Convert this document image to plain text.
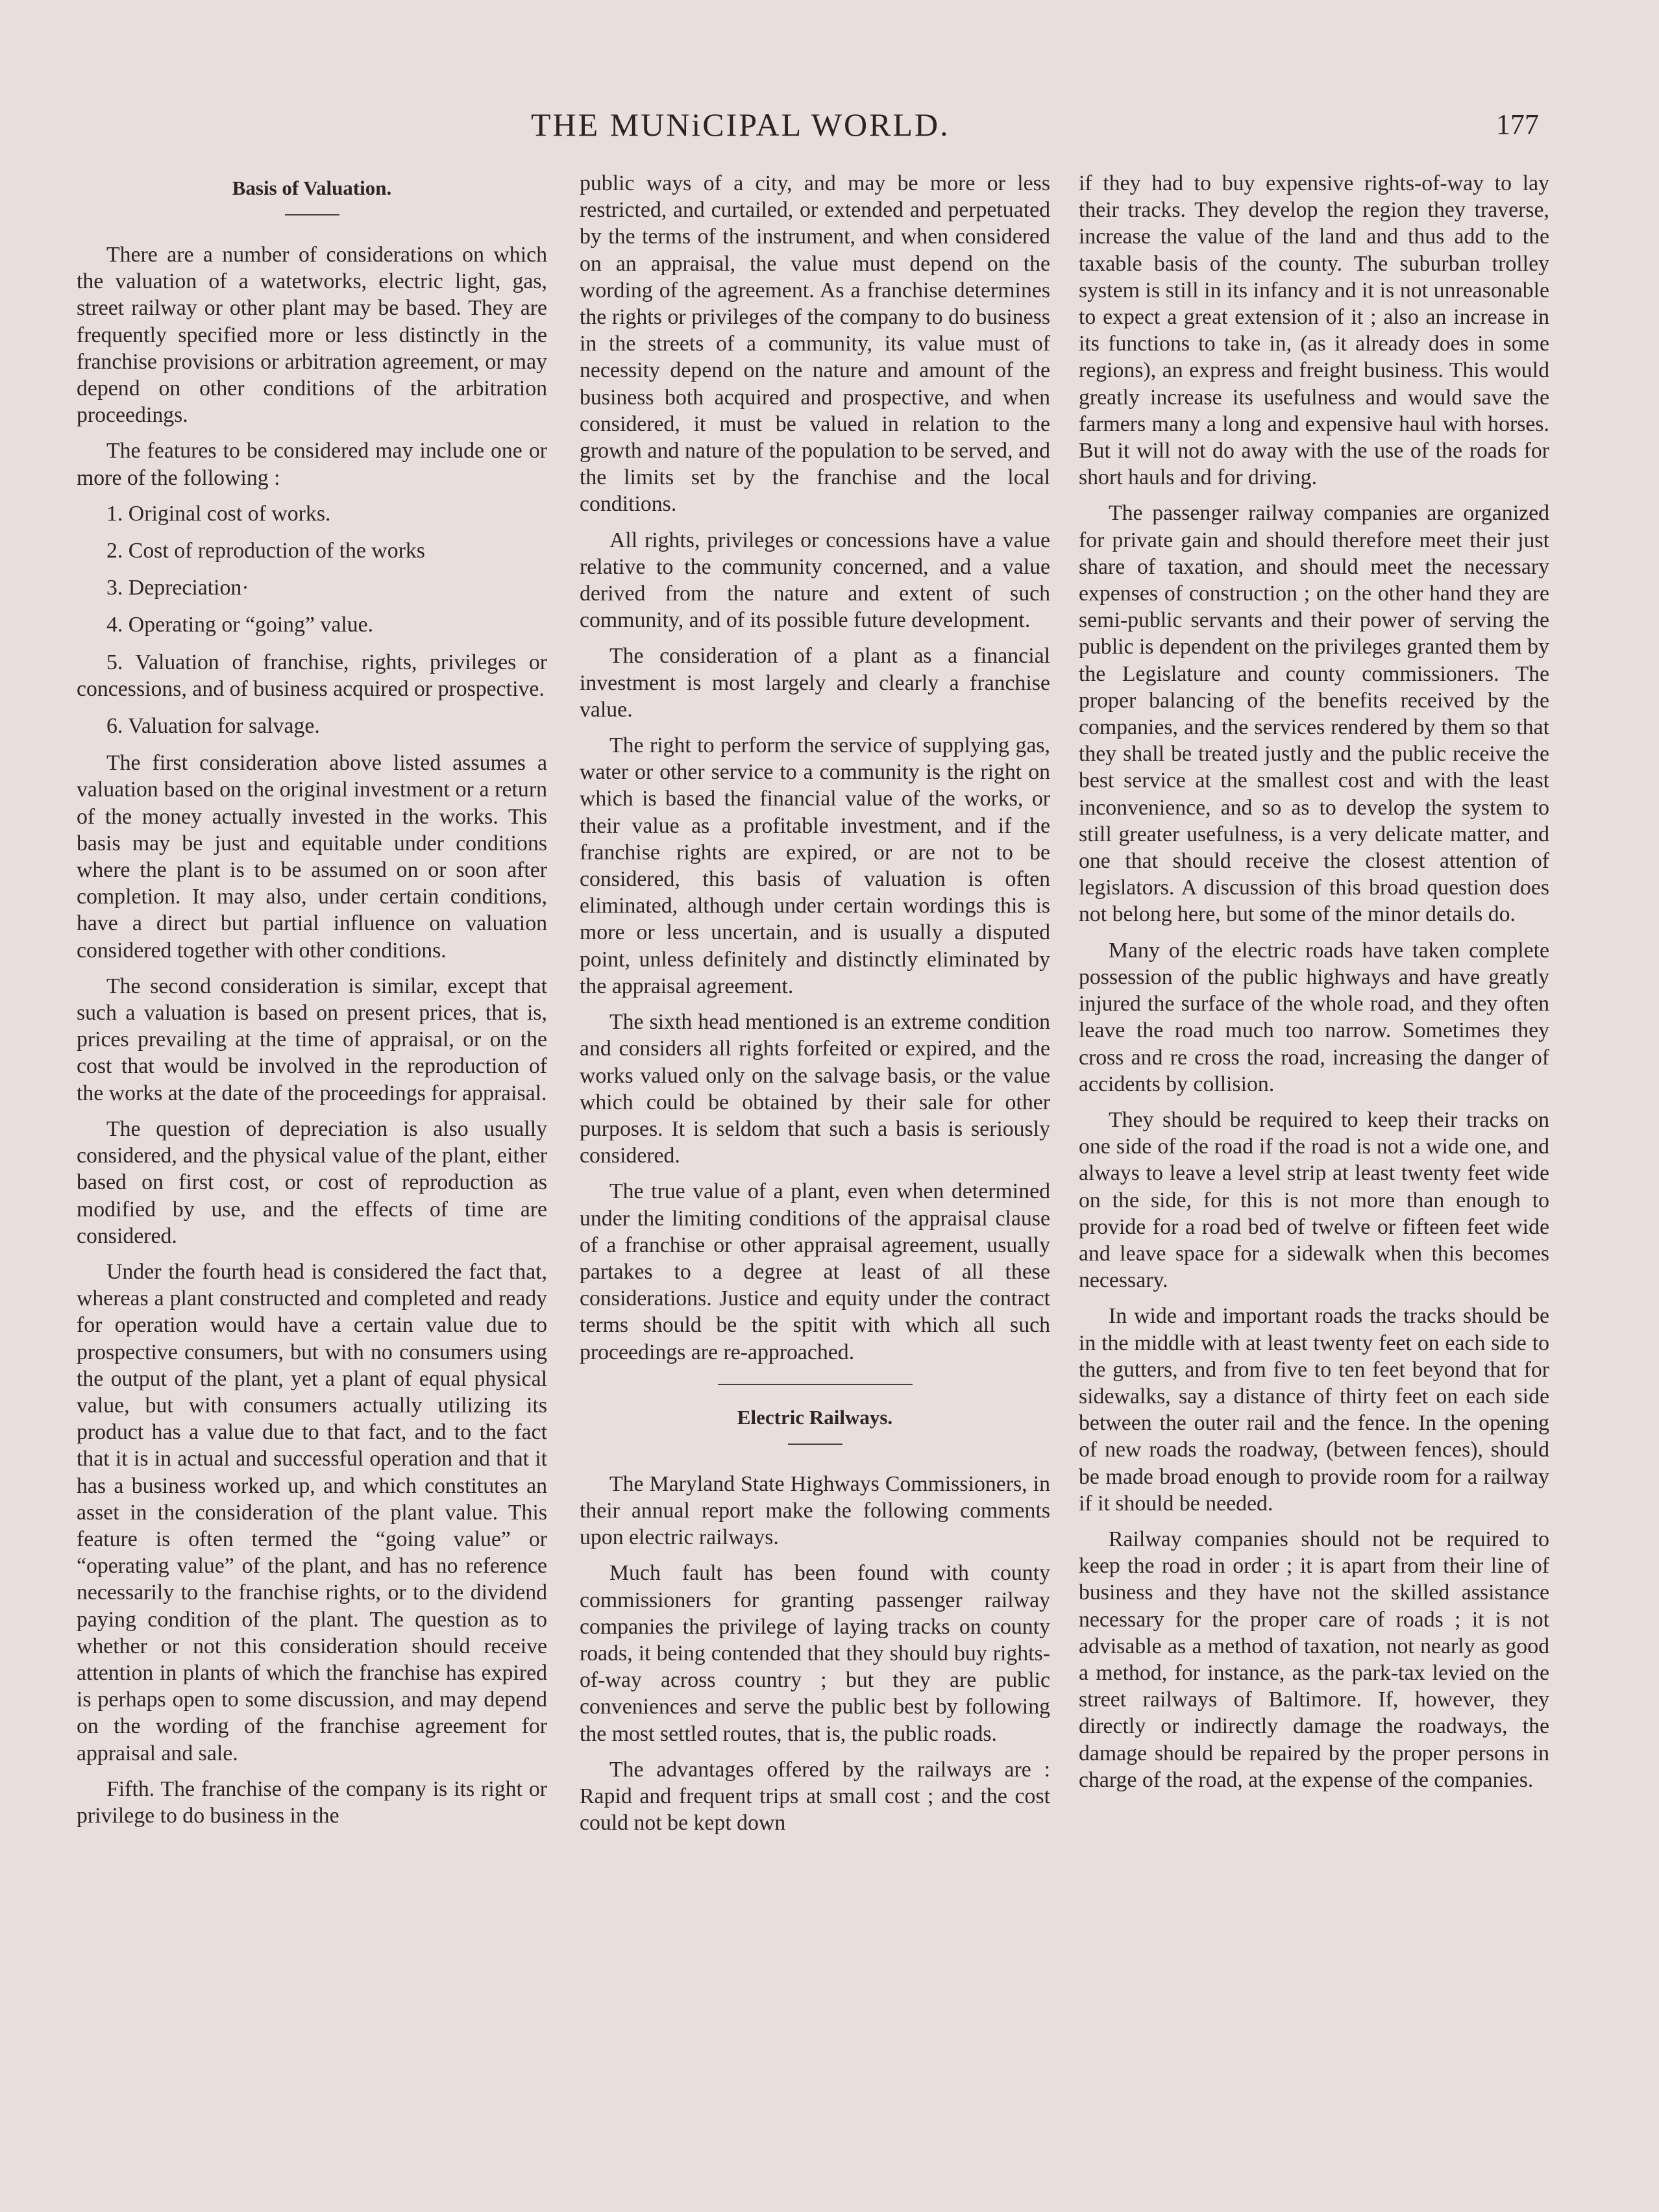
THE MUNiCIPAL WORLD.	177
Basis of Valuation.

There are a number of considerations on which the valuation of a watetworks, electric light, gas, street railway or other plant may be based. They are frequently specified more or less distinctly in the franchise provisions or arbitration agreement, or may depend on other conditions of the arbitration proceedings.

The features to be considered may include one or more of the following :

1. Original cost of works.

2. Cost of reproduction of the works

3. Depreciation·

4. Operating or “going” value.

5. Valuation of franchise, rights, privileges or concessions, and of business acquired or prospective.

6. Valuation for salvage.

The first consideration above listed assumes a valuation based on the original investment or a return of the money actually invested in the works. This basis may be just and equitable under conditions where the plant is to be assumed on or soon after completion. It may also, under certain conditions, have a direct but partial influence on valuation considered together with other conditions.

The second consideration is similar, except that such a valuation is based on present prices, that is, prices prevailing at the time of appraisal, or on the cost that would be involved in the reproduction of the works at the date of the proceedings for appraisal.

The question of depreciation is also usually considered, and the physical value of the plant, either based on first cost, or cost of reproduction as modified by use, and the effects of time are considered.

Under the fourth head is considered the fact that, whereas a plant constructed and completed and ready for operation would have a certain value due to prospective consumers, but with no consumers using the output of the plant, yet a plant of equal physical value, but with consumers actually utilizing its product has a value due to that fact, and to the fact that it is in actual and successful operation and that it has a business worked up, and which constitutes an asset in the consideration of the plant value. This feature is often termed the “going value” or “operating value” of the plant, and has no reference necessarily to the franchise rights, or to the dividend paying condition of the plant. The question as to whether or not this consideration should receive attention in plants of which the franchise has expired is perhaps open to some discussion, and may depend on the wording of the franchise agreement for appraisal and sale.

Fifth. The franchise of the company is its right or privilege to do business in the

public ways of a city, and may be more or less restricted, and curtailed, or extended and perpetuated by the terms of the instrument, and when considered on an appraisal, the value must depend on the wording of the agreement. As a franchise determines the rights or privileges of the company to do business in the streets of a community, its value must of necessity depend on the nature and amount of the business both acquired and prospective, and when considered, it must be valued in relation to the growth and nature of the population to be served, and the limits set by the franchise and the local conditions.

All rights, privileges or concessions have a value relative to the community concerned, and a value derived from the nature and extent of such community, and of its possible future development.

The consideration of a plant as a financial investment is most largely and clearly a franchise value.

The right to perform the service of supplying gas, water or other service to a community is the right on which is based the financial value of the works, or their value as a profitable investment, and if the franchise rights are expired, or are not to be considered, this basis of valuation is often eliminated, although under certain wordings this is more or less uncertain, and is usually a disputed point, unless definitely and distinctly eliminated by the appraisal agreement.

The sixth head mentioned is an extreme condition and considers all rights forfeited or expired, and the works valued only on the salvage basis, or the value which could be obtained by their sale for other purposes. It is seldom that such a basis is seriously considered.

The true value of a plant, even when determined under the limiting conditions of the appraisal clause of a franchise or other appraisal agreement, usually partakes to a degree at least of all these considerations. Justice and equity under the contract terms should be the spitit with which all such proceedings are re-approached.

Electric Railways.

The Maryland State Highways Commissioners, in their annual report make the following comments upon electric railways.

Much fault has been found with county commissioners for granting passenger railway companies the privilege of laying tracks on county roads, it being contended that they should buy rights-of-way across country ; but they are public conveniences and serve the public best by following the most settled routes, that is, the public roads.

The advantages offered by the railways are : Rapid and frequent trips at small cost ; and the cost could not be kept down

if they had to buy expensive rights-of-way to lay their tracks. They develop the region they traverse, increase the value of the land and thus add to the taxable basis of the county. The suburban trolley system is still in its infancy and it is not unreasonable to expect a great extension of it ; also an increase in its functions to take in, (as it already does in some regions), an express and freight business. This would greatly increase its usefulness and would save the farmers many a long and expensive haul with horses. But it will not do away with the use of the roads for short hauls and for driving.

The passenger railway companies are organized for private gain and should therefore meet their just share of taxation, and should meet the necessary expenses of construction ; on the other hand they are semi-public servants and their power of serving the public is dependent on the privileges granted them by the Legislature and county commissioners. The proper balancing of the benefits received by the companies, and the services rendered by them so that they shall be treated justly and the public receive the best service at the smallest cost and with the least inconvenience, and so as to develop the system to still greater usefulness, is a very delicate matter, and one that should receive the closest attention of legislators. A discussion of this broad question does not belong here, but some of the minor details do.

Many of the electric roads have taken complete possession of the public highways and have greatly injured the surface of the whole road, and they often leave the road much too narrow. Sometimes they cross and re cross the road, increasing the danger of accidents by collision.

They should be required to keep their tracks on one side of the road if the road is not a wide one, and always to leave a level strip at least twenty feet wide on the side, for this is not more than enough to provide for a road bed of twelve or fifteen feet wide and leave space for a sidewalk when this becomes necessary.

In wide and important roads the tracks should be in the middle with at least twenty feet on each side to the gutters, and from five to ten feet beyond that for sidewalks, say a distance of thirty feet on each side between the outer rail and the fence. In the opening of new roads the roadway, (between fences), should be made broad enough to provide room for a railway if it should be needed.

Railway companies should not be required to keep the road in order ; it is apart from their line of business and they have not the skilled assistance necessary for the proper care of roads ; it is not advisable as a method of taxation, not nearly as good a method, for instance, as the park-tax levied on the street railways of Baltimore. If, however, they directly or indirectly damage the roadways, the damage should be repaired by the proper persons in charge of the road, at the expense of the companies.
